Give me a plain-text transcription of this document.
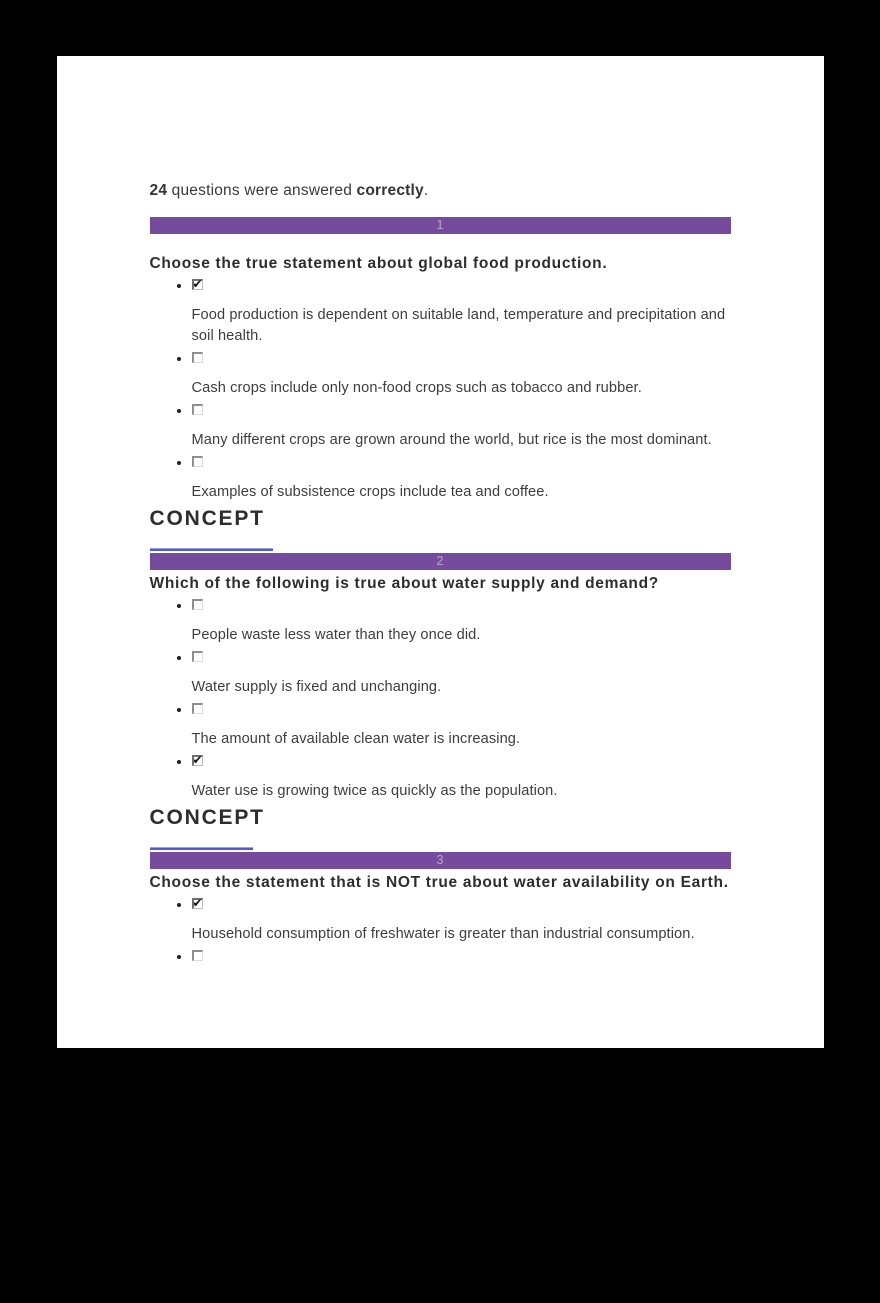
24 questions were answered correctly.

1
Choose the true statement about global food production.
✔
• Food production is dependent on suitable land, temperature and precipitation and soil health.
• Cash crops include only non-food crops such as tobacco and rubber.
• Many different crops are grown around the world, but rice is the most dominant.
• Examples of subsistence crops include tea and coffee.
CONCEPT
2
Which of the following is true about water supply and demand?
• People waste less water than they once did.
• Water supply is fixed and unchanging.
• The amount of available clean water is increasing.
✔
• Water use is growing twice as quickly as the population.
CONCEPT
3
Choose the statement that is NOT true about water availability on Earth.
✔
• Household consumption of freshwater is greater than industrial consumption.
•
